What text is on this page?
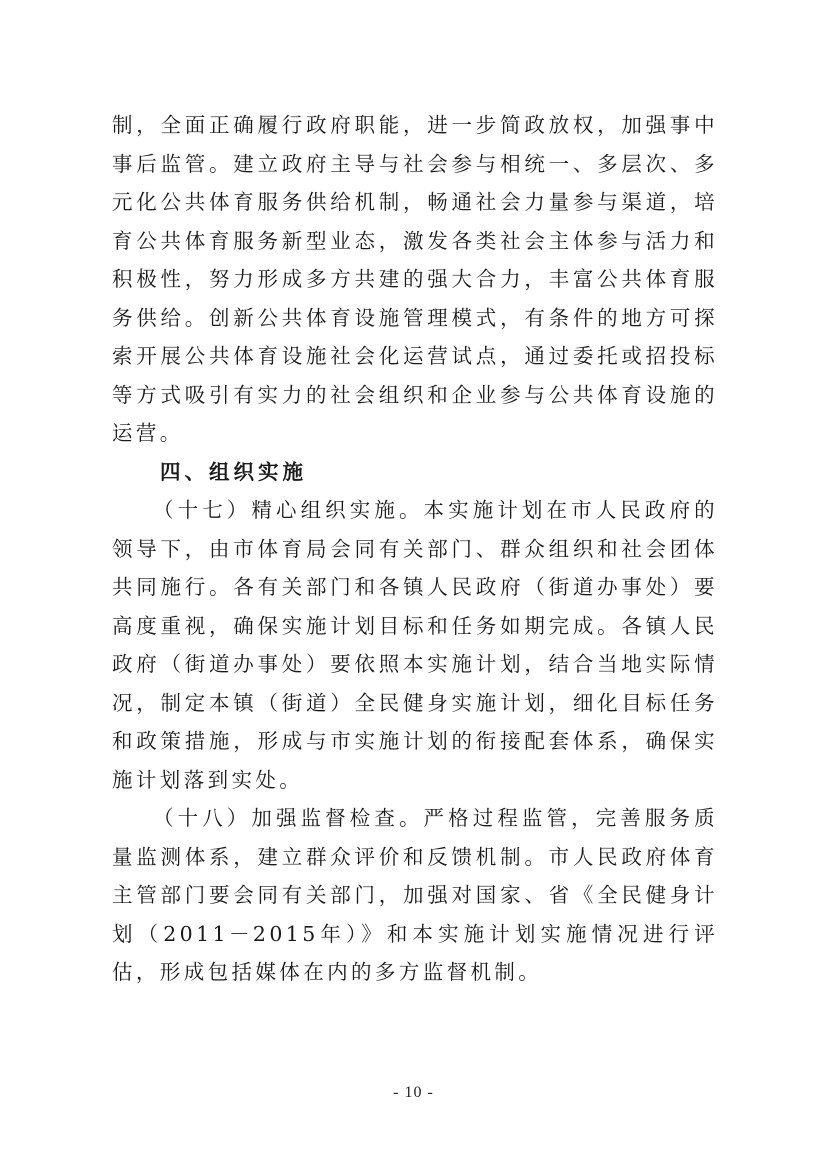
制，全面正确履行政府职能，进一步简政放权，加强事中事后监管。建立政府主导与社会参与相统一、多层次、多元化公共体育服务供给机制，畅通社会力量参与渠道，培育公共体育服务新型业态，激发各类社会主体参与活力和积极性，努力形成多方共建的强大合力，丰富公共体育服务供给。创新公共体育设施管理模式，有条件的地方可探索开展公共体育设施社会化运营试点，通过委托或招投标等方式吸引有实力的社会组织和企业参与公共体育设施的运营。

四、组织实施

（十七）精心组织实施。本实施计划在市人民政府的领导下，由市体育局会同有关部门、群众组织和社会团体共同施行。各有关部门和各镇人民政府（街道办事处）要高度重视，确保实施计划目标和任务如期完成。各镇人民政府（街道办事处）要依照本实施计划，结合当地实际情况，制定本镇（街道）全民健身实施计划，细化目标任务和政策措施，形成与市实施计划的衔接配套体系，确保实施计划落到实处。

（十八）加强监督检查。严格过程监管，完善服务质量监测体系，建立群众评价和反馈机制。市人民政府体育主管部门要会同有关部门，加强对国家、省《全民健身计划（2011－2015年）》和本实施计划实施情况进行评估，形成包括媒体在内的多方监督机制。

- 10 -
